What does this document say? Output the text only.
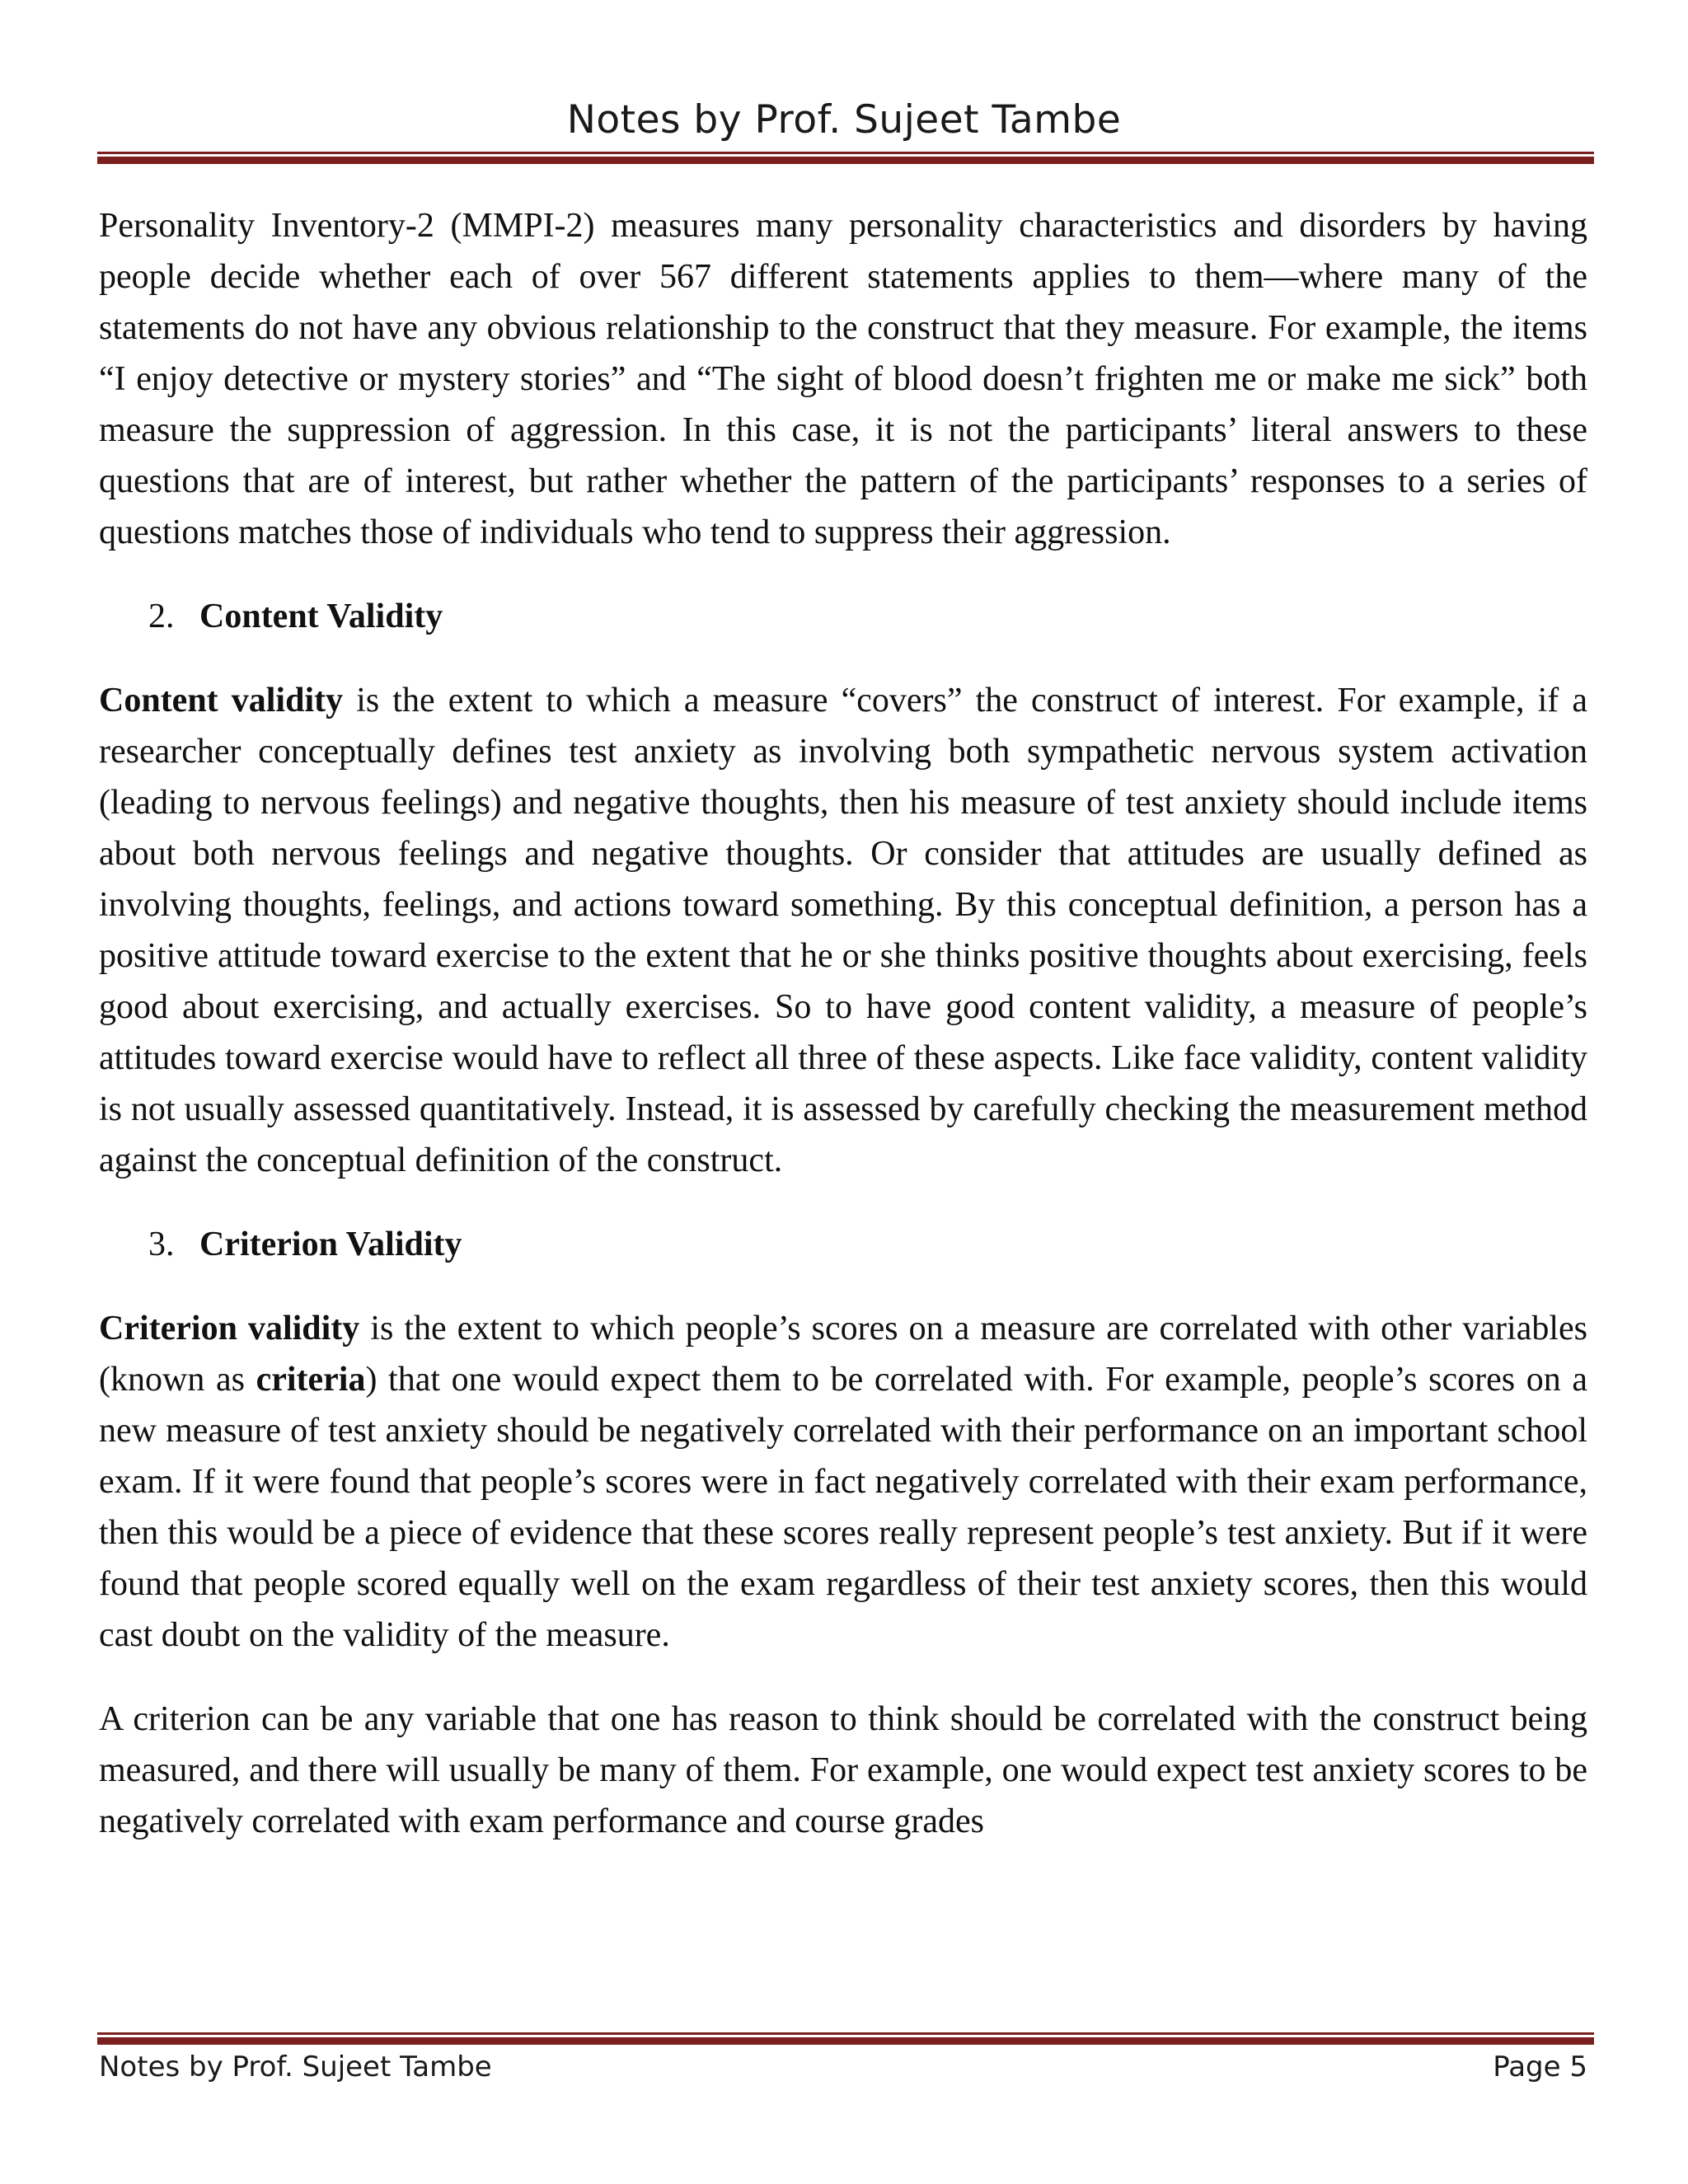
Notes by Prof. Sujeet Tambe

Personality Inventory-2 (MMPI-2) measures many personality characteristics and disorders by having people decide whether each of over 567 different statements applies to them—where many of the statements do not have any obvious relationship to the construct that they measure. For example, the items “I enjoy detective or mystery stories” and “The sight of blood doesn’t frighten me or make me sick” both measure the suppression of aggression. In this case, it is not the participants’ literal answers to these questions that are of interest, but rather whether the pattern of the participants’ responses to a series of questions matches those of individuals who tend to suppress their aggression.

2. Content Validity

Content validity is the extent to which a measure “covers” the construct of interest. For example, if a researcher conceptually defines test anxiety as involving both sympathetic nervous system activation (leading to nervous feelings) and negative thoughts, then his measure of test anxiety should include items about both nervous feelings and negative thoughts. Or consider that attitudes are usually defined as involving thoughts, feelings, and actions toward something. By this conceptual definition, a person has a positive attitude toward exercise to the extent that he or she thinks positive thoughts about exercising, feels good about exercising, and actually exercises. So to have good content validity, a measure of people’s attitudes toward exercise would have to reflect all three of these aspects. Like face validity, content validity is not usually assessed quantitatively. Instead, it is assessed by carefully checking the measurement method against the conceptual definition of the construct.

3. Criterion Validity

Criterion validity is the extent to which people’s scores on a measure are correlated with other variables (known as criteria) that one would expect them to be correlated with. For example, people’s scores on a new measure of test anxiety should be negatively correlated with their performance on an important school exam. If it were found that people’s scores were in fact negatively correlated with their exam performance, then this would be a piece of evidence that these scores really represent people’s test anxiety. But if it were found that people scored equally well on the exam regardless of their test anxiety scores, then this would cast doubt on the validity of the measure.

A criterion can be any variable that one has reason to think should be correlated with the construct being measured, and there will usually be many of them. For example, one would expect test anxiety scores to be negatively correlated with exam performance and course grades

Notes by Prof. Sujeet Tambe	Page 5
